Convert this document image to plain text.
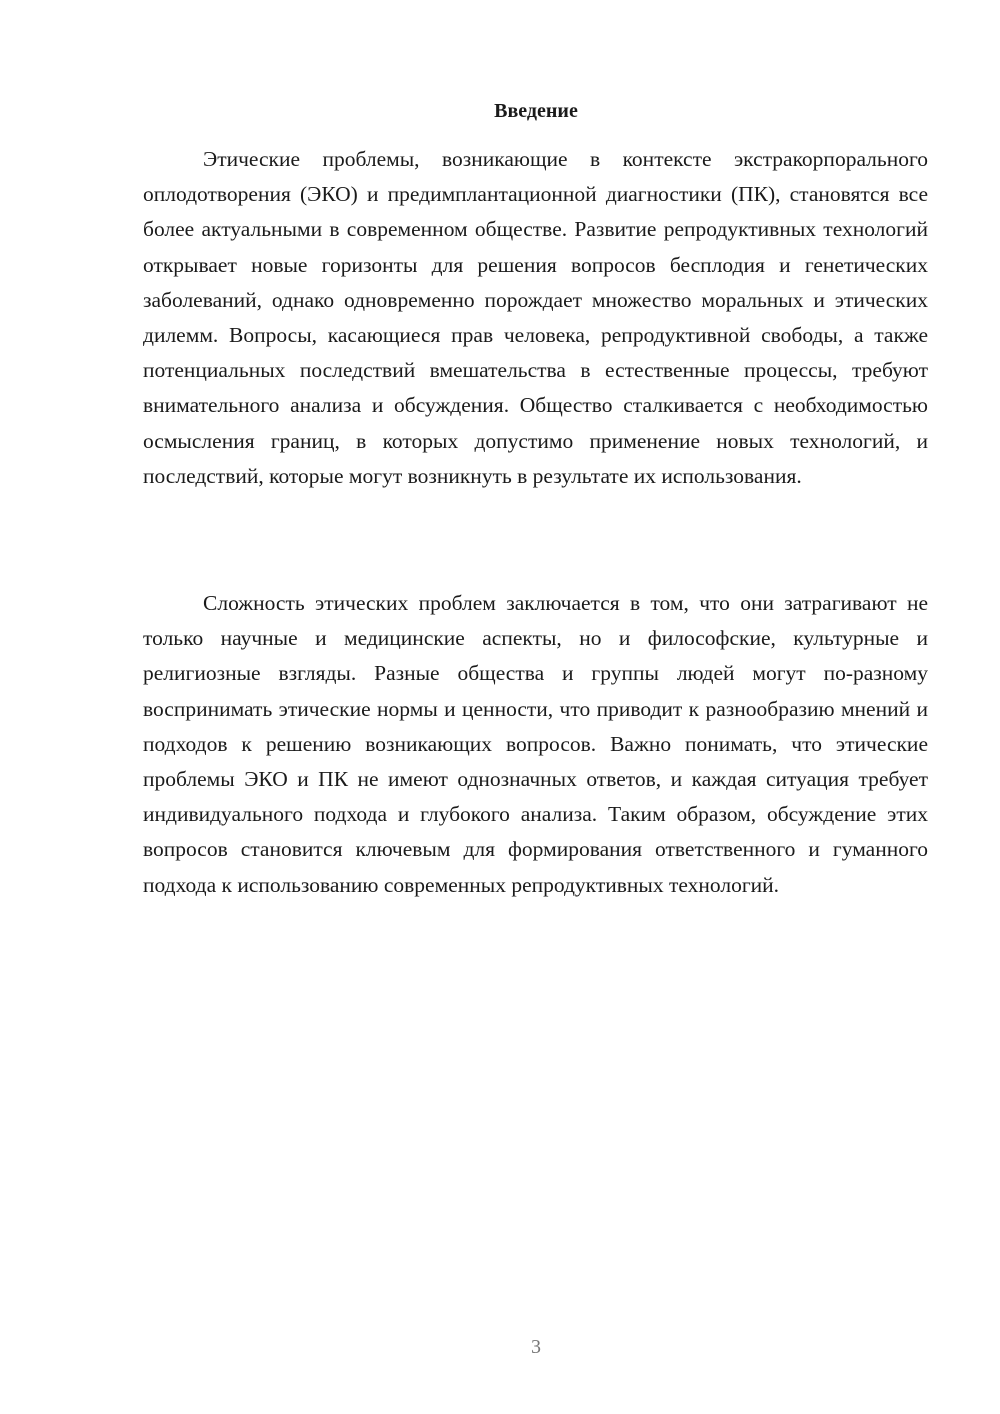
Введение

Этические проблемы, возникающие в контексте экстракорпорального оплодотворения (ЭКО) и предимплантационной диагностики (ПК), становятся все более актуальными в современном обществе. Развитие репродуктивных технологий открывает новые горизонты для решения вопросов бесплодия и генетических заболеваний, однако одновременно порождает множество моральных и этических дилемм. Вопросы, касающиеся прав человека, репродуктивной свободы, а также потенциальных последствий вмешательства в естественные процессы, требуют внимательного анализа и обсуждения. Общество сталкивается с необходимостью осмысления границ, в которых допустимо применение новых технологий, и последствий, которые могут возникнуть в результате их использования.

Сложность этических проблем заключается в том, что они затрагивают не только научные и медицинские аспекты, но и философские, культурные и религиозные взгляды. Разные общества и группы людей могут по-разному воспринимать этические нормы и ценности, что приводит к разнообразию мнений и подходов к решению возникающих вопросов. Важно понимать, что этические проблемы ЭКО и ПК не имеют однозначных ответов, и каждая ситуация требует индивидуального подхода и глубокого анализа. Таким образом, обсуждение этих вопросов становится ключевым для формирования ответственного и гуманного подхода к использованию современных репродуктивных технологий.

3
